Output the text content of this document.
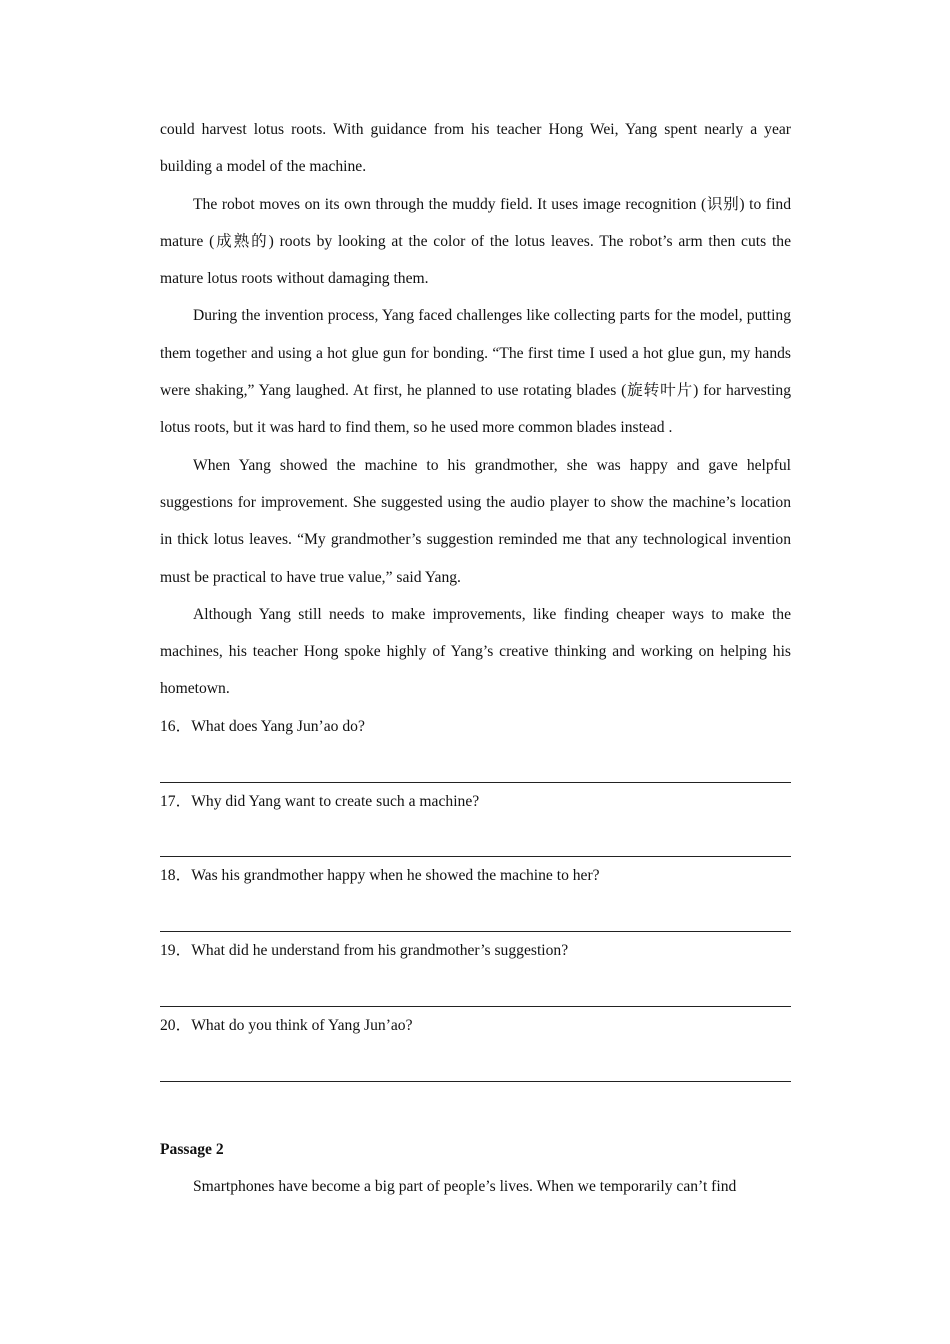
could harvest lotus roots. With guidance from his teacher Hong Wei, Yang spent nearly a year building a model of the machine.

The robot moves on its own through the muddy field. It uses image recognition (识别) to find mature (成熟的) roots by looking at the color of the lotus leaves. The robot’s arm then cuts the mature lotus roots without damaging them.

During the invention process, Yang faced challenges like collecting parts for the model, putting them together and using a hot glue gun for bonding. “The first time I used a hot glue gun, my hands were shaking,” Yang laughed. At first, he planned to use rotating blades (旋转叶片) for harvesting lotus roots, but it was hard to find them, so he used more common blades instead .

When Yang showed the machine to his grandmother, she was happy and gave helpful suggestions for improvement. She suggested using the audio player to show the machine’s location in thick lotus leaves. “My grandmother’s suggestion reminded me that any technological invention must be practical to have true value,” said Yang.

Although Yang still needs to make improvements, like finding cheaper ways to make the machines, his teacher Hong spoke highly of Yang’s creative thinking and working on helping his hometown.

16．What does Yang Jun’ao do?

17．Why did Yang want to create such a machine?

18．Was his grandmother happy when he showed the machine to her?

19．What did he understand from his grandmother’s suggestion?

20．What do you think of Yang Jun’ao?

Passage 2

Smartphones have become a big part of people’s lives. When we temporarily can’t find
